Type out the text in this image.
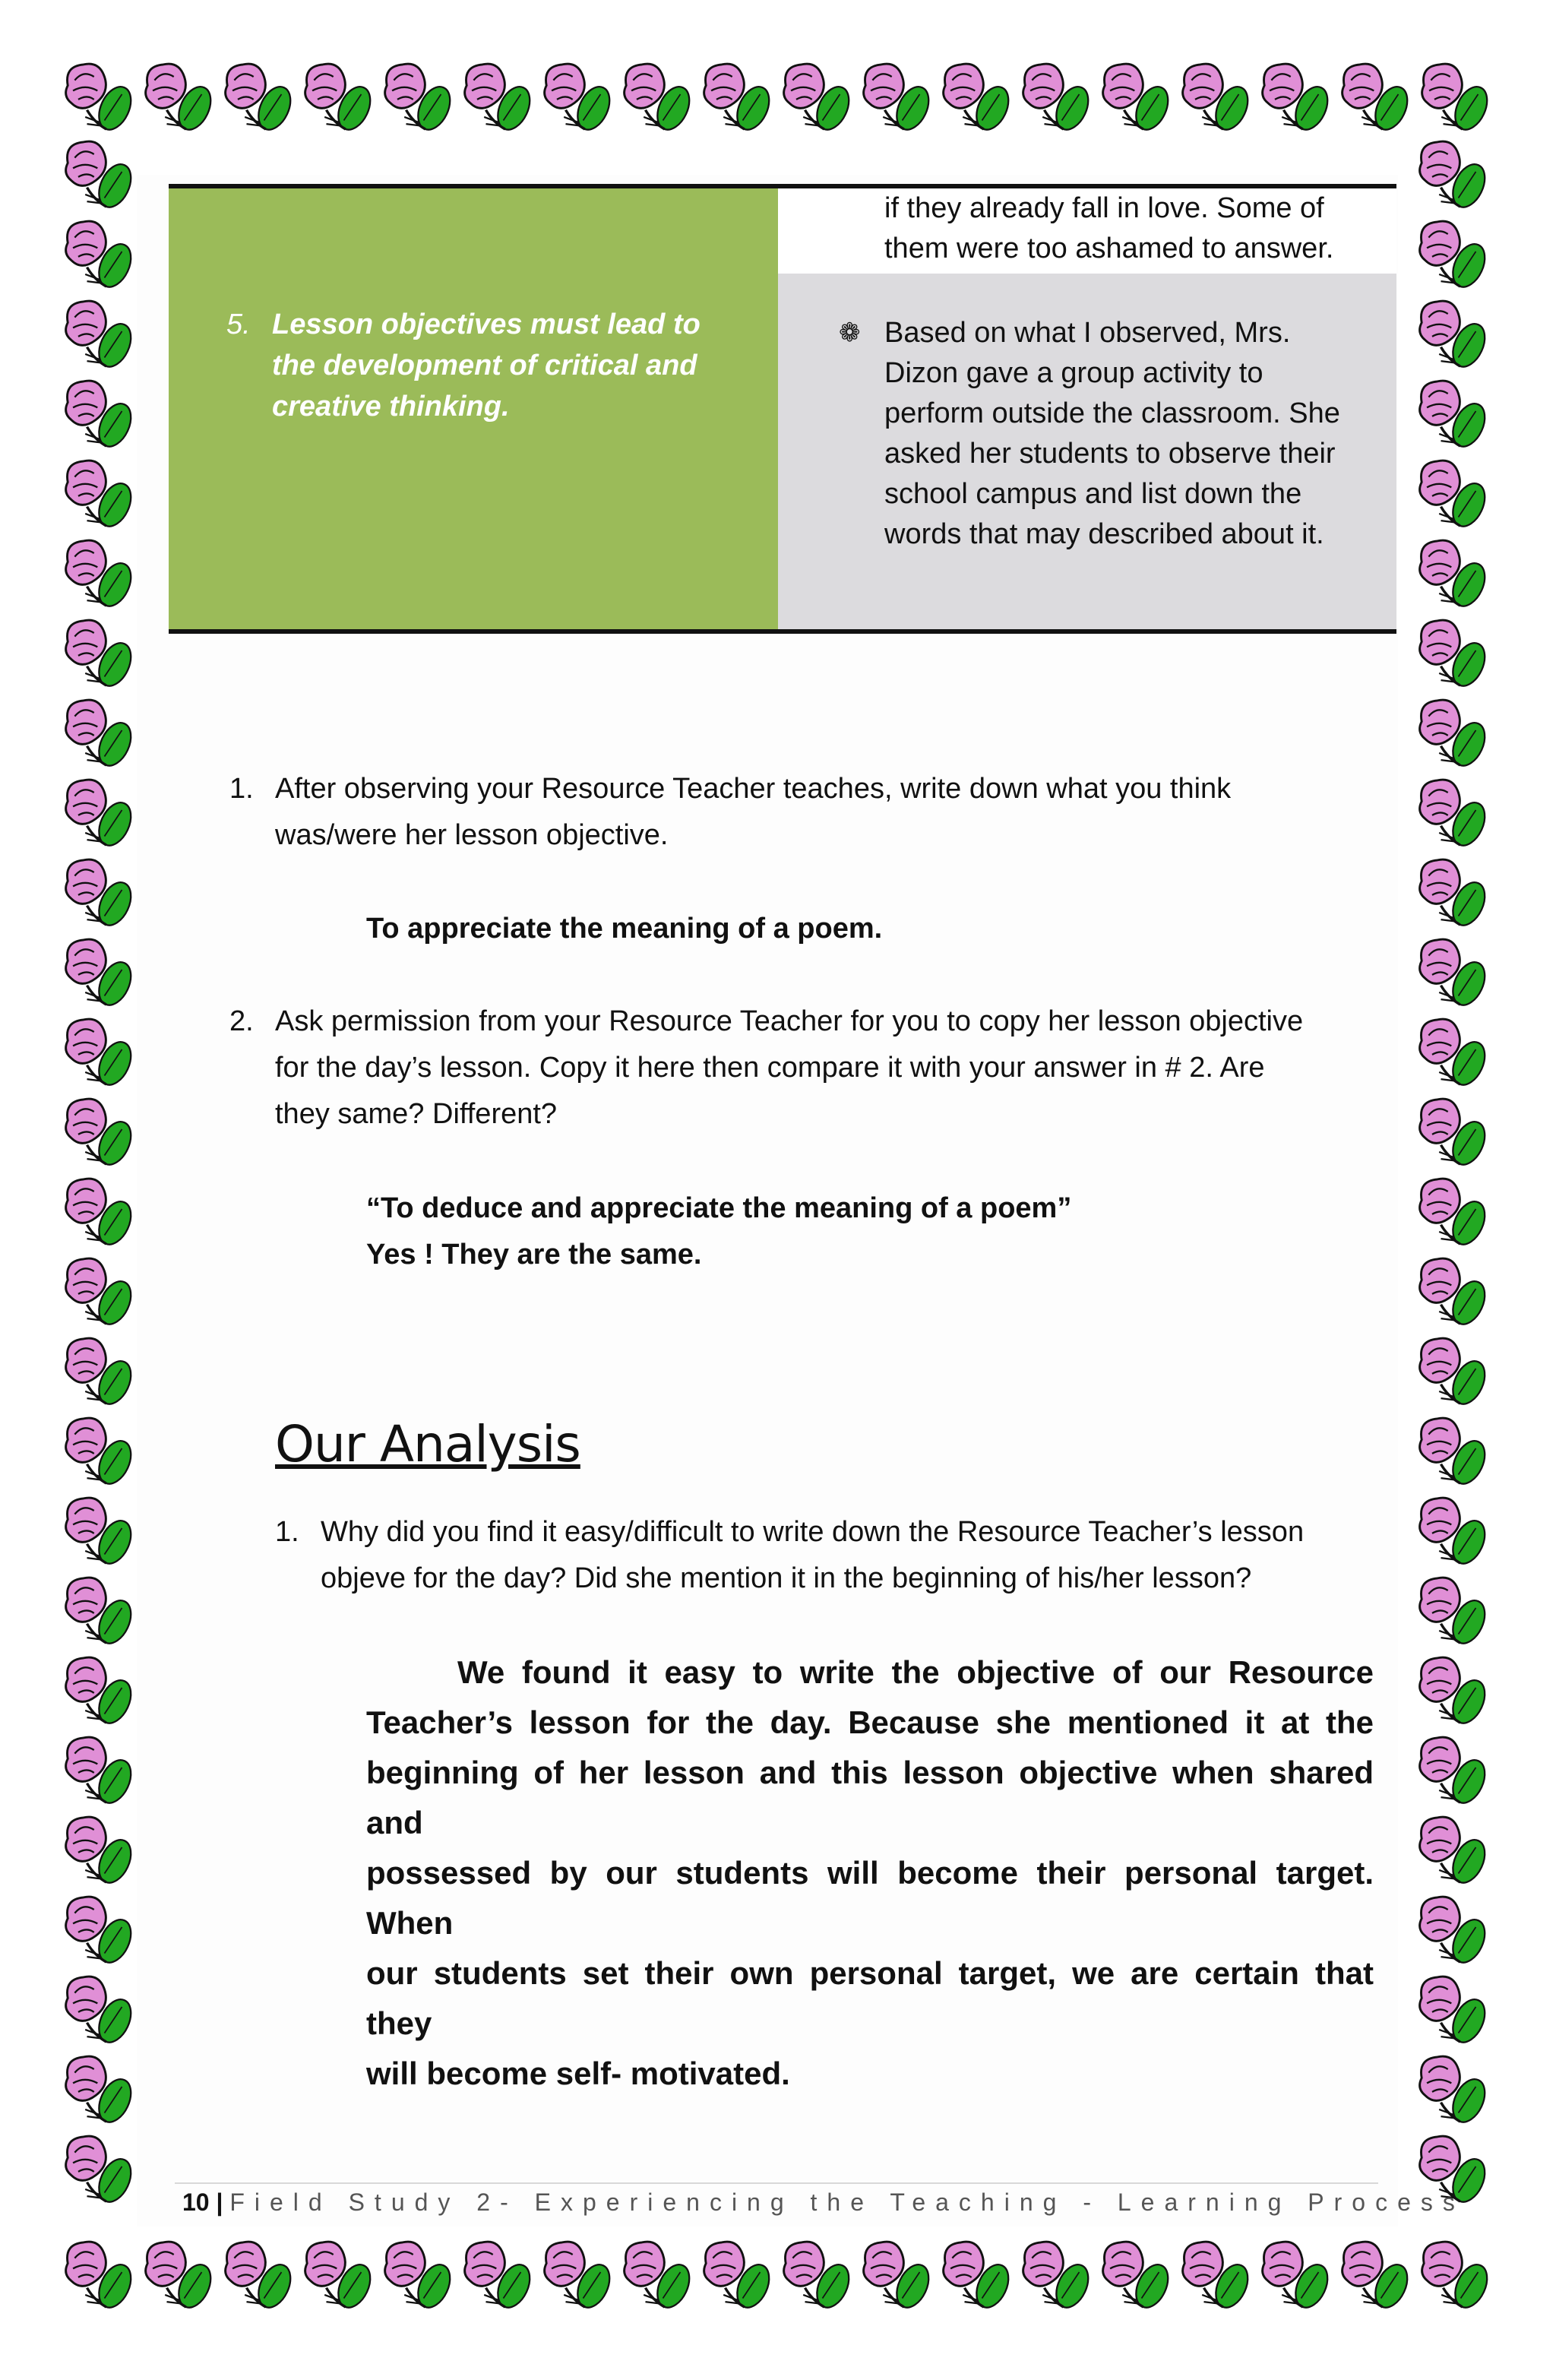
5. Lesson objectives must lead to the development of critical and creative thinking.
if they already fall in love. Some of
them were too ashamed to answer.
❁ Based on what I observed, Mrs.
Dizon gave a group activity to
perform outside the classroom. She
asked her students to observe their
school campus and list down the
words that may described about it.
1. After observing your Resource Teacher teaches, write down what you think
was/were her lesson objective.
To appreciate the meaning of a poem.
2. Ask permission from your Resource Teacher for you to copy her lesson objective
for the day’s lesson. Copy it here then compare it with your answer in # 2. Are
they same? Different?
“To deduce and appreciate the meaning of a poem”
Yes ! They are the same.
Our Analysis
1. Why did you find it easy/difficult to write down the Resource Teacher’s lesson
objeve for the day? Did she mention it in the beginning of his/her lesson?
We found it easy to write the objective of our Resource
Teacher’s lesson for the day. Because she mentioned it at the
beginning of her lesson and this lesson objective when shared and
possessed by our students will become their personal target. When
our students set their own personal target, we are certain that they
will become self- motivated.
10 | Field Study 2- Experiencing the Teaching - Learning Process
